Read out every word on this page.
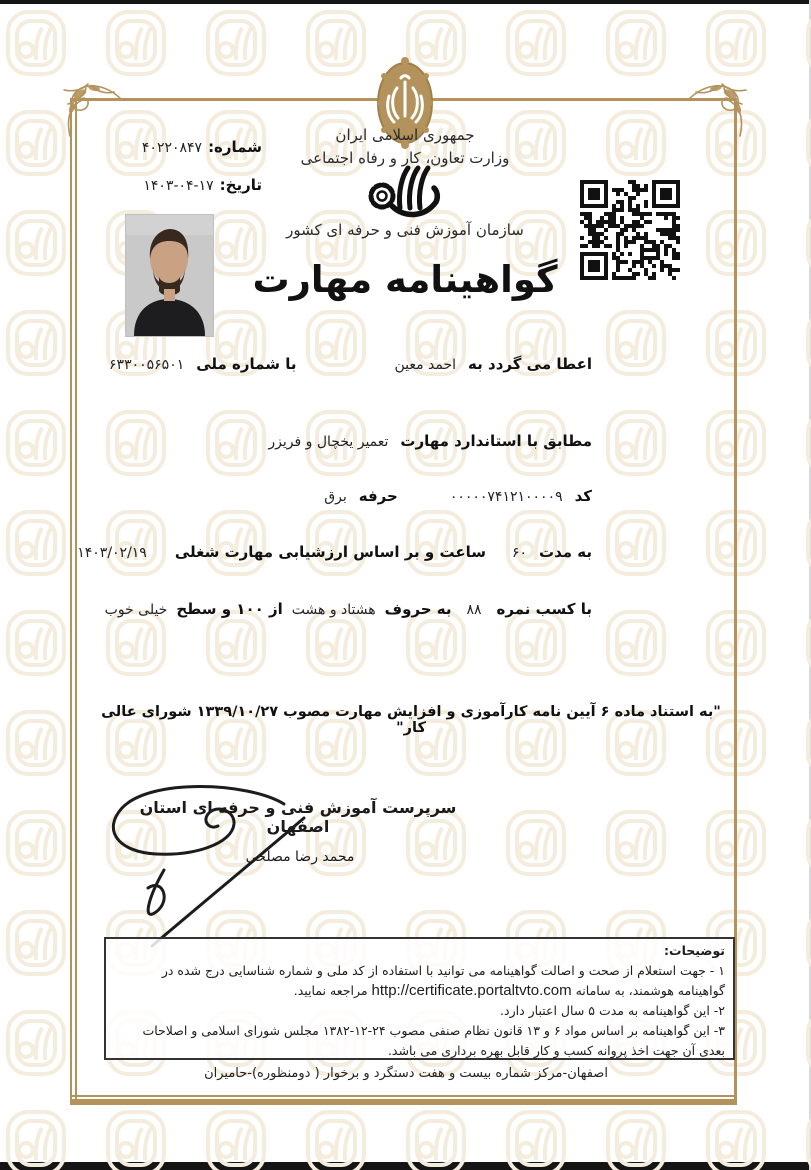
شماره:
۴۰۲۲۰۸۴۷
تاریخ:
۱۴۰۳-۰۴-۱۷
جمهوری اسلامی ایران
وزارت تعاون، کار و رفاه اجتماعی
سازمان آموزش فنی و حرفه ای کشور
گواهینامه مهارت
اعطا می گردد به
احمد معین
با شماره ملی
۶۳۳۰۰۵۶۵۰۱
مطابق با استاندارد مهارت
تعمیر یخچال و فریزر
کد
۰۰۰۰۰۷۴۱۲۱۰۰۰۰۹
حرفه
برق
به مدت
۶۰
ساعت و بر اساس ارزشیابی مهارت شغلی
۱۴۰۳/۰۲/۱۹
با کسب نمره
۸۸
به حروف
هشتاد و هشت
از ۱۰۰ و سطح
خیلی خوب
"به استناد ماده ۶ آیین نامه کارآموزی و افزایش مهارت مصوب ۱۳۳۹/۱۰/۲۷ شورای عالی کار"
سرپرست آموزش فنی و حرفه ای استان اصفهان
محمد رضا مصلحی

توضیحات:

۱ - جهت استعلام از صحت و اصالت گواهینامه می توانید با استفاده از کد ملی و شماره شناسایی درج شده در گواهینامه هوشمند، به سامانه http://certificate.portaltvto.com مراجعه نمایید.

۲- این گواهینامه به مدت ۵ سال اعتبار دارد.

۳- این گواهینامه بر اساس مواد ۶ و ۱۳ قانون نظام صنفی مصوب ۲۴-۱۲-۱۳۸۲ مجلس شورای اسلامی و اصلاحات بعدی آن جهت اخذ پروانه کسب و کار قابل بهره برداری می باشد.

اصفهان-مرکز شماره بیست و هفت دستگرد و برخوار ( دومنظوره)-حامیران
